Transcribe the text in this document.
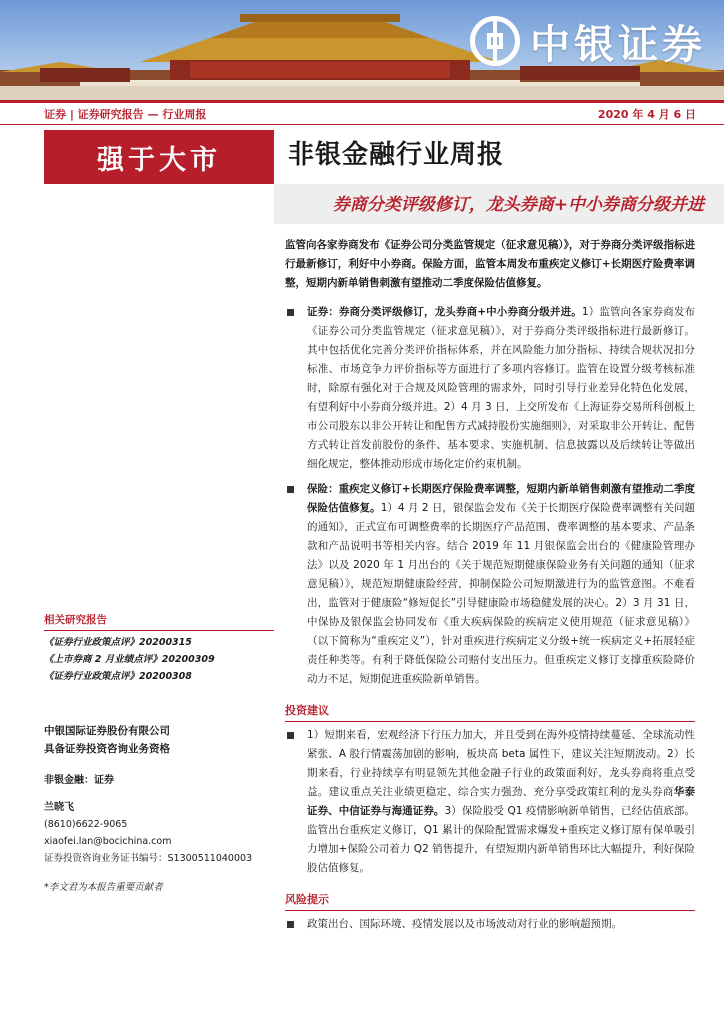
中银证券
证券 | 证券研究报告 — 行业周报	2020 年 4 月 6 日
强于大市	非银金融行业周报
券商分类评级修订，龙头券商+中小券商分级并进

监管向各家券商发布《证券公司分类监管规定（征求意见稿）》，对于券商分类评级指标进行最新修订，利好中小券商。保险方面，监管本周发布重疾定义修订+长期医疗险费率调整，短期内新单销售刺激有望推动二季度保险估值修复。

证券：券商分类评级修订，龙头券商+中小券商分级并进。1）监管向各家券商发布《证券公司分类监管规定（征求意见稿）》，对于券商分类评级指标进行最新修订。其中包括优化完善分类评价指标体系，并在风险能力加分指标、持续合规状况扣分标准、市场竞争力评价指标等方面进行了多项内容修订。监管在设置分级考核标准时，除原有强化对于合规及风险管理的需求外，同时引导行业差异化特色化发展，有望利好中小券商分级并进。2）4 月 3 日，上交所发布《上海证券交易所科创板上市公司股东以非公开转让和配售方式减持股份实施细则》，对采取非公开转让、配售方式转让首发前股份的条件、基本要求、实施机制、信息披露以及后续转让等做出细化规定，整体推动形成市场化定价约束机制。
保险：重疾定义修订+长期医疗保险费率调整，短期内新单销售刺激有望推动二季度保险估值修复。1）4 月 2 日，银保监会发布《关于长期医疗保险费率调整有关问题的通知》，正式宣布可调整费率的长期医疗产品范围、费率调整的基本要求、产品条款和产品说明书等相关内容。结合 2019 年 11 月银保监会出台的《健康险管理办法》以及 2020 年 1 月出台的《关于规范短期健康保险业务有关问题的通知（征求意见稿）》，规范短期健康险经营，抑制保险公司短期激进行为的监管意图。不难看出，监管对于健康险“修短促长”引导健康险市场稳健发展的决心。2）3 月 31 日，中保协及银保监会协同发布《重大疾病保险的疾病定义使用规范（征求意见稿）》（以下简称为“重疾定义”），针对重疾进行疾病定义分级+统一疾病定义+拓展轻症责任种类等。有利于降低保险公司赔付支出压力。但重疾定义修订支撑重疾险降价动力不足，短期促进重疾险新单销售。
投资建议
1）短期来看，宏观经济下行压力加大，并且受到在海外疫情持续蔓延、全球流动性紧张、A 股行情震荡加剧的影响，板块高 beta 属性下，建议关注短期波动。2）长期来看，行业持续享有明显领先其他金融子行业的政策面利好，龙头券商将重点受益。建议重点关注业绩更稳定、综合实力强劲、充分享受政策红利的龙头券商华泰证券、中信证券与海通证券。3）保险股受 Q1 疫情影响新单销售，已经估值底部。监管出台重疾定义修订，Q1 累计的保险配置需求爆发+重疾定义修订原有保单吸引力增加+保险公司着力 Q2 销售提升，有望短期内新单销售环比大幅提升，利好保险股估值修复。
风险提示
政策出台、国际环境、疫情发展以及市场波动对行业的影响超预期。
相关研究报告
《证券行业政策点评》20200315
《上市券商 2 月业绩点评》20200309
《证券行业政策点评》20200308
中银国际证券股份有限公司
具备证券投资咨询业务资格
非银金融：证券
兰晓飞
(8610)6622-9065
xiaofei.lan@bocichina.com
证券投资咨询业务证书编号：S1300511040003
*李文君为本报告重要贡献者
